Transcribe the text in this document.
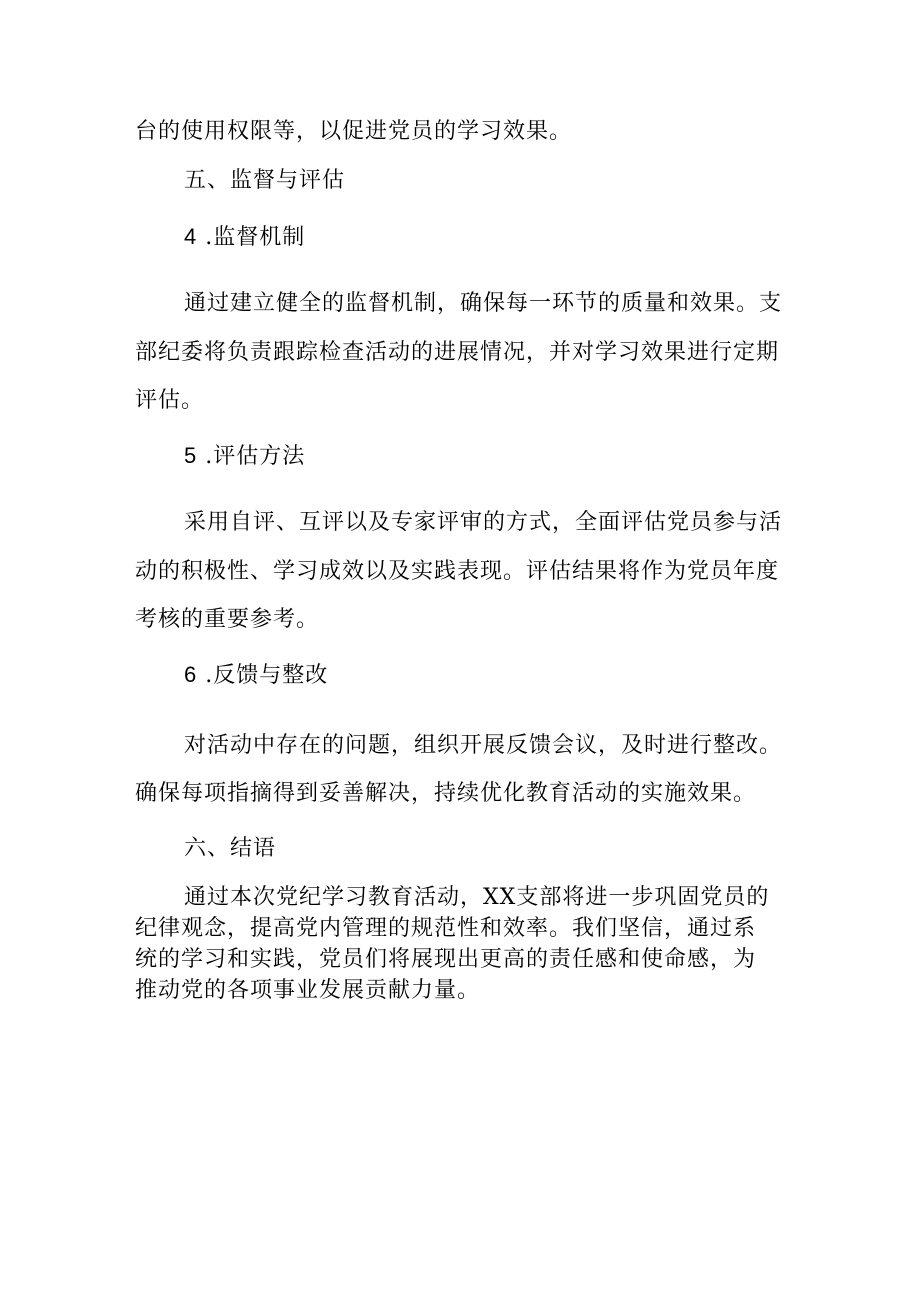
台的使用权限等，以促进党员的学习效果。
五、监督与评估
4 .监督机制
通过建立健全的监督机制，确保每一环节的质量和效果。支
部纪委将负责跟踪检查活动的进展情况，并对学习效果进行定期
评估。
5 .评估方法
采用自评、互评以及专家评审的方式，全面评估党员参与活
动的积极性、学习成效以及实践表现。评估结果将作为党员年度
考核的重要参考。
6 .反馈与整改
对活动中存在的问题，组织开展反馈会议，及时进行整改。
确保每项指摘得到妥善解决，持续优化教育活动的实施效果。
六、结语
通过本次党纪学习教育活动，XX支部将进一步巩固党员的
纪律观念，提高党内管理的规范性和效率。我们坚信，通过系
统的学习和实践，党员们将展现出更高的责任感和使命感，为
推动党的各项事业发展贡献力量。
